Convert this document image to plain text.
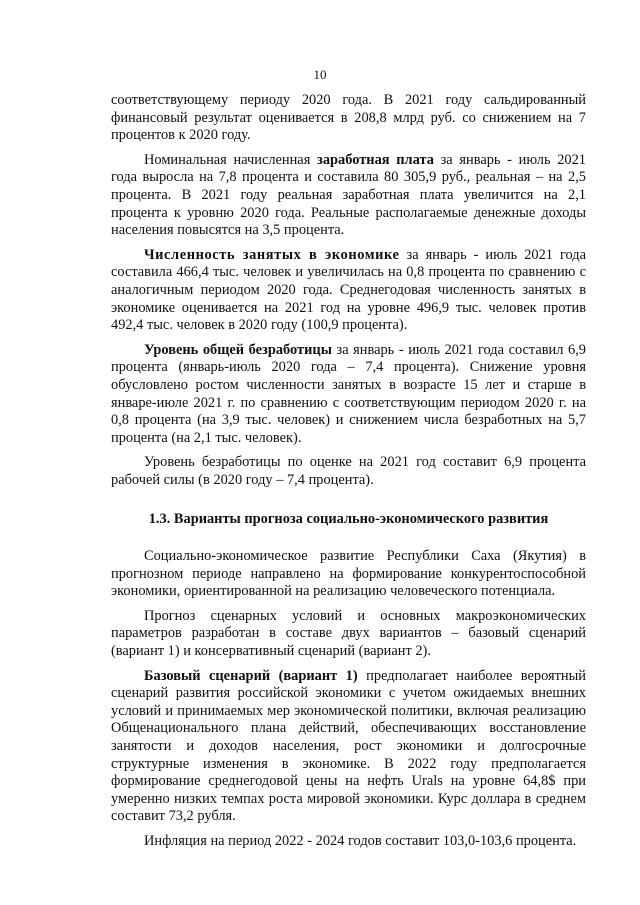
10

соответствующему периоду 2020 года. В 2021 году сальдированный финансовый результат оценивается в 208,8 млрд руб. со снижением на 7 процентов к 2020 году.

Номинальная начисленная заработная плата за январь - июль 2021 года выросла на 7,8 процента и составила 80 305,9 руб., реальная – на 2,5 процента. В 2021 году реальная заработная плата увеличится на 2,1 процента к уровню 2020 года. Реальные располагаемые денежные доходы населения повысятся на 3,5 процента.

Численность занятых в экономике за январь - июль 2021 года составила 466,4 тыс. человек и увеличилась на 0,8 процента по сравнению с аналогичным периодом 2020 года. Среднегодовая численность занятых в экономике оценивается на 2021 год на уровне 496,9 тыс. человек против 492,4 тыс. человек в 2020 году (100,9 процента).

Уровень общей безработицы за январь - июль 2021 года составил 6,9 процента (январь-июль 2020 года – 7,4 процента). Снижение уровня обусловлено ростом численности занятых в возрасте 15 лет и старше в январе-июле 2021 г. по сравнению с соответствующим периодом 2020 г. на 0,8 процента (на 3,9 тыс. человек) и снижением числа безработных на 5,7 процента (на 2,1 тыс. человек).

Уровень безработицы по оценке на 2021 год составит 6,9 процента рабочей силы (в 2020 году – 7,4 процента).

1.3. Варианты прогноза социально-экономического развития

Социально-экономическое развитие Республики Саха (Якутия) в прогнозном периоде направлено на формирование конкурентоспособной экономики, ориентированной на реализацию человеческого потенциала.

Прогноз сценарных условий и основных макроэкономических параметров разработан в составе двух вариантов – базовый сценарий (вариант 1) и консервативный сценарий (вариант 2).

Базовый сценарий (вариант 1) предполагает наиболее вероятный сценарий развития российской экономики с учетом ожидаемых внешних условий и принимаемых мер экономической политики, включая реализацию Общенационального плана действий, обеспечивающих восстановление занятости и доходов населения, рост экономики и долгосрочные структурные изменения в экономике. В 2022 году предполагается формирование среднегодовой цены на нефть Urals на уровне 64,8$ при умеренно низких темпах роста мировой экономики. Курс доллара в среднем составит 73,2 рубля.

Инфляция на период 2022 - 2024 годов составит 103,0-103,6 процента.
